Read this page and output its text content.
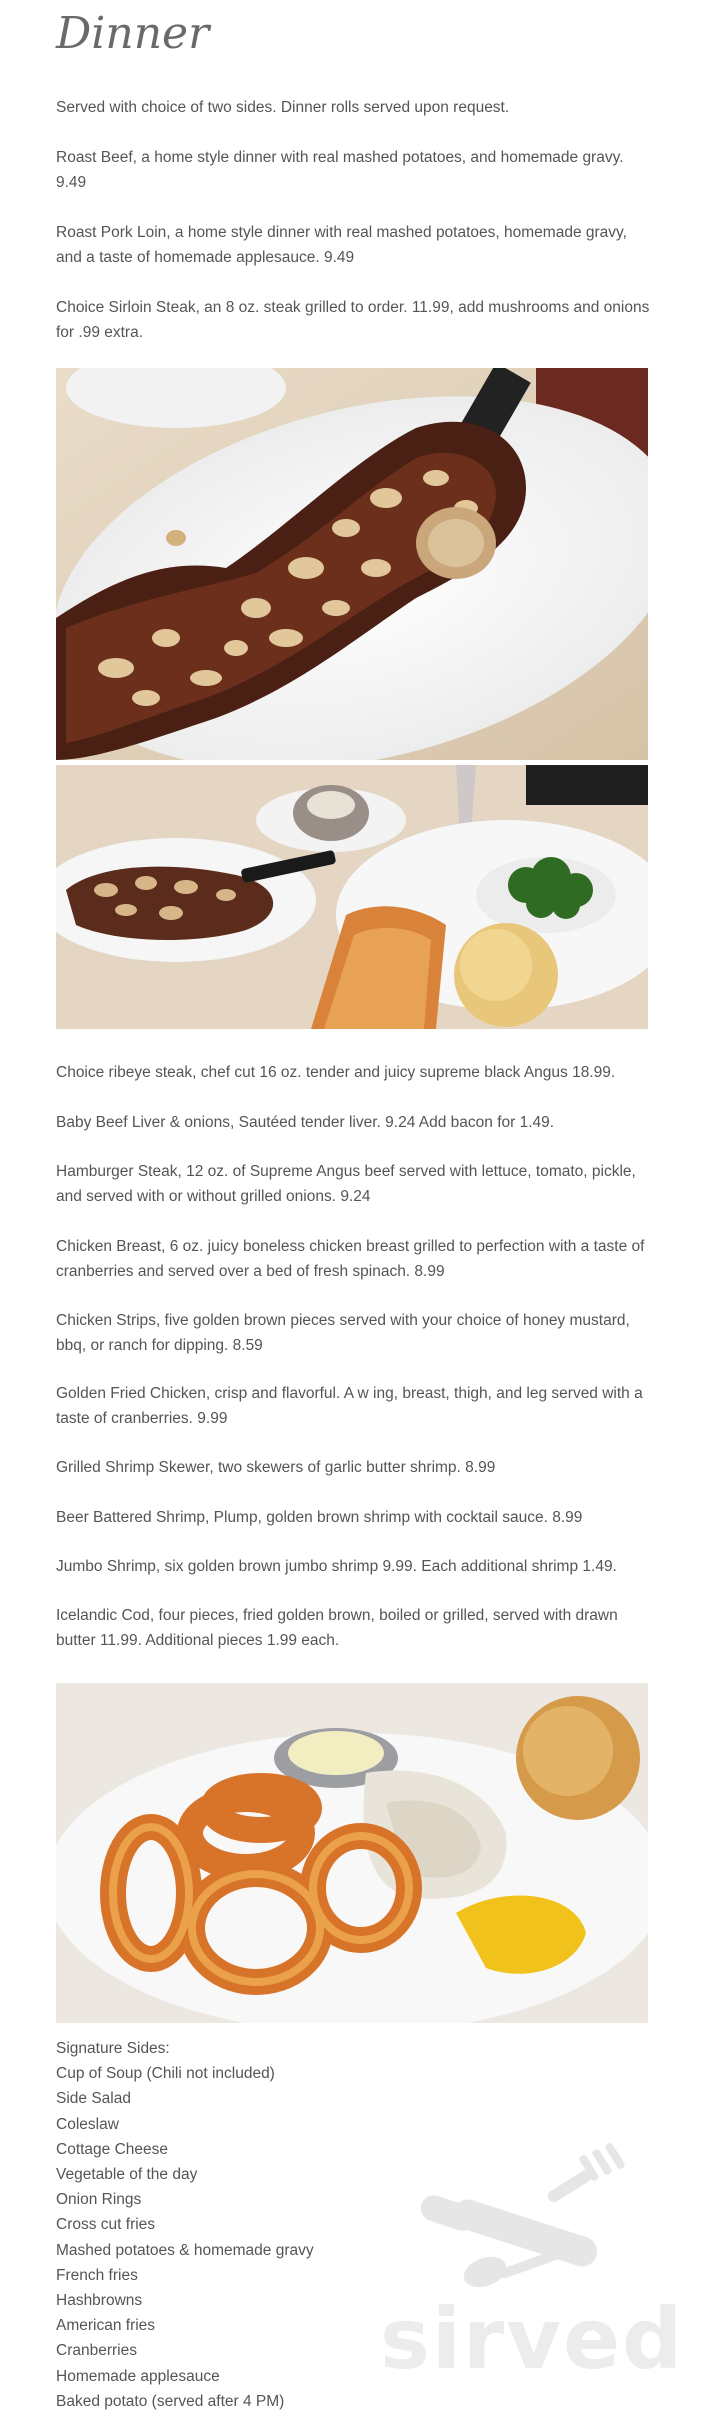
Dinner

Served with choice of two sides. Dinner rolls served upon request.

Roast Beef, a home style dinner with real mashed potatoes, and homemade gravy. 9.49

Roast Pork Loin, a home style dinner with real mashed potatoes, homemade gravy, and a taste of homemade applesauce. 9.49

Choice Sirloin Steak, an 8 oz. steak grilled to order. 11.99, add mushrooms and onions for .99 extra.

Choice ribeye steak, chef cut 16 oz. tender and juicy supreme black Angus 18.99.

Baby Beef Liver & onions, Sautéed tender liver. 9.24 Add bacon for 1.49.

Hamburger Steak, 12 oz. of Supreme Angus beef served with lettuce, tomato, pickle, and served with or without grilled onions. 9.24

Chicken Breast, 6 oz. juicy boneless chicken breast grilled to perfection with a taste of cranberries and served over a bed of fresh spinach. 8.99

Chicken Strips, five golden brown pieces served with your choice of honey mustard, bbq, or ranch for dipping. 8.59

Golden Fried Chicken, crisp and flavorful. A w ing, breast, thigh, and leg served with a taste of cranberries. 9.99

Grilled Shrimp Skewer, two skewers of garlic butter shrimp. 8.99

Beer Battered Shrimp, Plump, golden brown shrimp with cocktail sauce. 8.99

Jumbo Shrimp, six golden brown jumbo shrimp 9.99. Each additional shrimp 1.49.

Icelandic Cod, four pieces, fried golden brown, boiled or grilled, served with drawn butter 11.99. Additional pieces 1.99 each.

Signature Sides:
Cup of Soup (Chili not included)
Side Salad
Coleslaw
Cottage Cheese
Vegetable of the day
Onion Rings
Cross cut fries
Mashed potatoes & homemade gravy
French fries
Hashbrowns
American fries
Cranberries
Homemade applesauce
Baked potato (served after 4 PM)
sirved
